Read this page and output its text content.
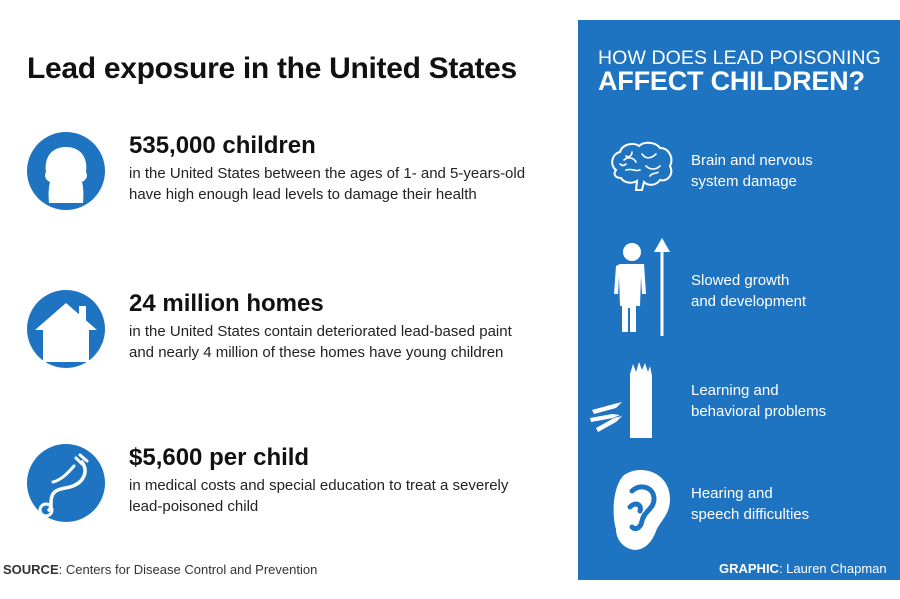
Lead exposure in the United States
535,000 children
in the United States between the ages of 1- and 5-years-old
have high enough lead levels to damage their health
24 million homes
in the United States contain deteriorated lead-based paint
and nearly 4 million of these homes have young children
$5,600 per child
in medical costs and special education to treat a severely
lead-poisoned child
SOURCE: Centers for Disease Control and Prevention
HOW DOES LEAD POISONING
AFFECT CHILDREN?
Brain and nervous
system damage
Slowed growth
and development
Learning and
behavioral problems
Hearing and
speech difficulties
GRAPHIC: Lauren Chapman
